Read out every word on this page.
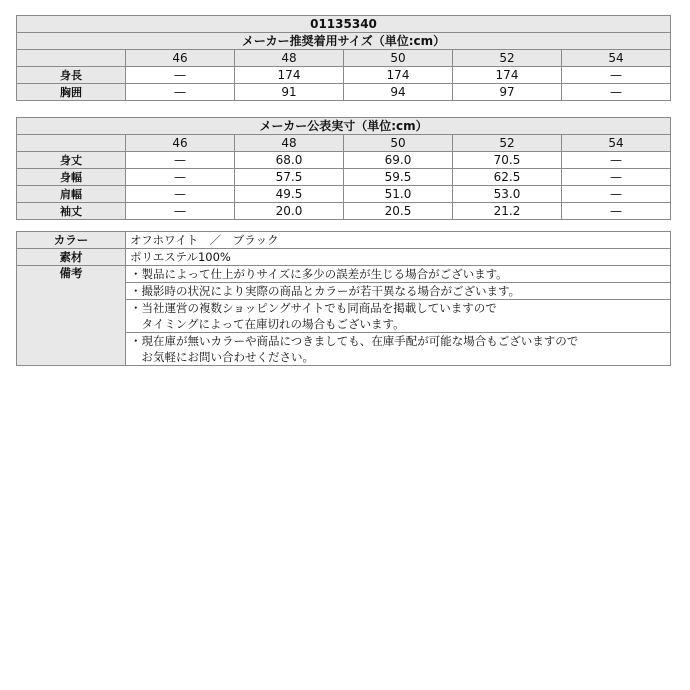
01135340					
メーカー推奨着用サイズ（単位:cm）					
	46	48	50	52	54
身長	—	174	174	174	—
胸囲	—	91	94	97	—
メーカー公表実寸（単位:cm）					
	46	48	50	52	54
身丈	—	68.0	69.0	70.5	—
身幅	—	57.5	59.5	62.5	—
肩幅	—	49.5	51.0	53.0	—
袖丈	—	20.0	20.5	21.2	—
カラー	オフホワイト　／　ブラック
素材	ポリエステル100%
備考	・製品によって仕上がりサイズに多少の誤差が生じる場合がございます。
	・撮影時の状況により実際の商品とカラーが若干異なる場合がございます。

	・当社運営の複数ショッピングサイトでも同商品を掲載していますので
　タイミングによって在庫切れの場合もございます。

	・現在庫が無いカラーや商品につきましても、在庫手配が可能な場合もございますので
　お気軽にお問い合わせください。
